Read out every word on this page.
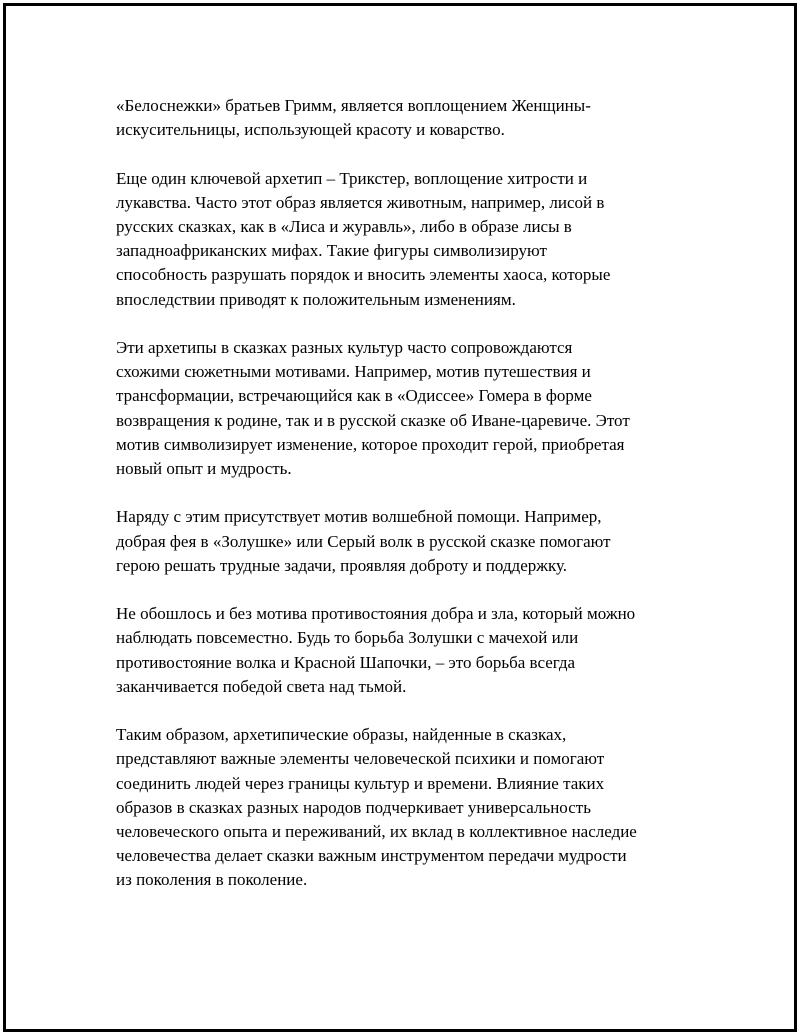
«Белоснежки» братьев Гримм, является воплощением Женщины-
искусительницы, использующей красоту и коварство.

Еще один ключевой архетип – Трикстер, воплощение хитрости и
лукавства. Часто этот образ является животным, например, лисой в
русских сказках, как в «Лиса и журавль», либо в образе лисы в
западноафриканских мифах. Такие фигуры символизируют
способность разрушать порядок и вносить элементы хаоса, которые
впоследствии приводят к положительным изменениям.

Эти архетипы в сказках разных культур часто сопровождаются
схожими сюжетными мотивами. Например, мотив путешествия и
трансформации, встречающийся как в «Одиссее» Гомера в форме
возвращения к родине, так и в русской сказке об Иване-царевиче. Этот
мотив символизирует изменение, которое проходит герой, приобретая
новый опыт и мудрость.

Наряду с этим присутствует мотив волшебной помощи. Например,
добрая фея в «Золушке» или Серый волк в русской сказке помогают
герою решать трудные задачи, проявляя доброту и поддержку.

Не обошлось и без мотива противостояния добра и зла, который можно
наблюдать повсеместно. Будь то борьба Золушки с мачехой или
противостояние волка и Красной Шапочки, – это борьба всегда
заканчивается победой света над тьмой.

Таким образом, архетипические образы, найденные в сказках,
представляют важные элементы человеческой психики и помогают
соединить людей через границы культур и времени. Влияние таких
образов в сказках разных народов подчеркивает универсальность
человеческого опыта и переживаний, их вклад в коллективное наследие
человечества делает сказки важным инструментом передачи мудрости
из поколения в поколение.
